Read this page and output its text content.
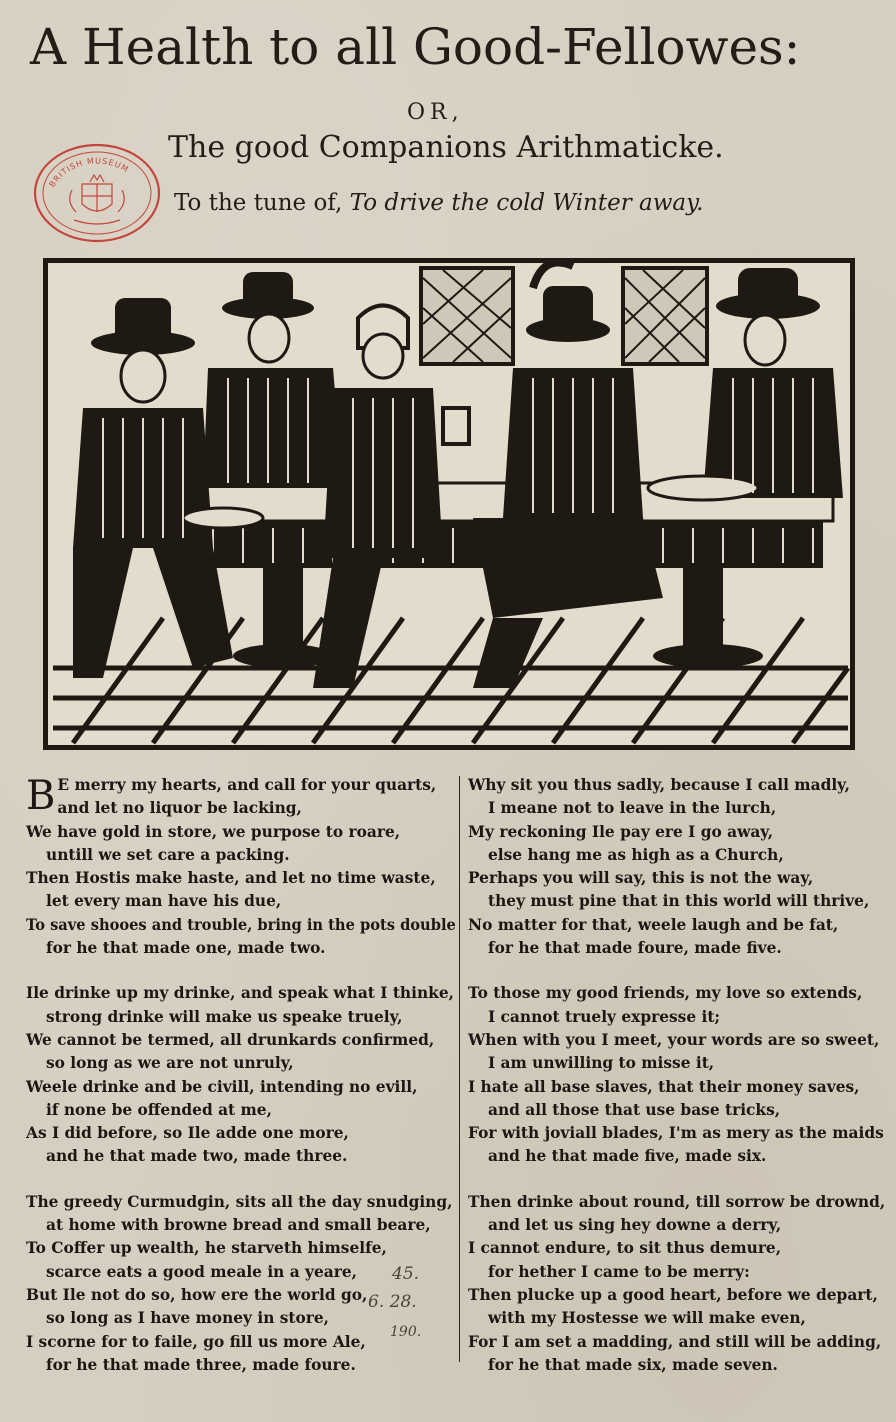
A Health to all Good-Fellowes:
OR,
The good Companions Arithmaticke.
To the tune of, To drive the cold Winter away.
BRITISH MUSEUM
B E merry my hearts, and call for your quarts,
and let no liquor be lacking,
We have gold in store, we purpose to roare,
untill we set care a packing.
Then Hostis make haste, and let no time waste,
let every man have his due,
To save shooes and trouble, bring in the pots double
for he that made one, made two.
Ile drinke up my drinke, and speak what I thinke,
strong drinke will make us speake truely,
We cannot be termed, all drunkards confirmed,
so long as we are not unruly,
Weele drinke and be civill, intending no evill,
if none be offended at me,
As I did before, so Ile adde one more,
and he that made two, made three.
The greedy Curmudgin, sits all the day snudging,
at home with browne bread and small beare,
To Coffer up wealth, he starveth himselfe,
scarce eats a good meale in a yeare,
But Ile not do so, how ere the world go,
so long as I have money in store,
I scorne for to faile, go fill us more Ale,
for he that made three, made foure.
Why sit you thus sadly, because I call madly,
I meane not to leave in the lurch,
My reckoning Ile pay ere I go away,
else hang me as high as a Church,
Perhaps you will say, this is not the way,
they must pine that in this world will thrive,
No matter for that, weele laugh and be fat,
for he that made foure, made five.
To those my good friends, my love so extends,
I cannot truely expresse it;
When with you I meet, your words are so sweet,
I am unwilling to misse it,
I hate all base slaves, that their money saves,
and all those that use base tricks,
For with joviall blades, I'm as mery as the maids
and he that made five, made six.
Then drinke about round, till sorrow be drownd,
and let us sing hey downe a derry,
I cannot endure, to sit thus demure,
for hether I came to be merry:
Then plucke up a good heart, before we depart,
with my Hostesse we will make even,
For I am set a madding, and still will be adding,
for he that made six, made seven.
45.
6. 28.
190.
